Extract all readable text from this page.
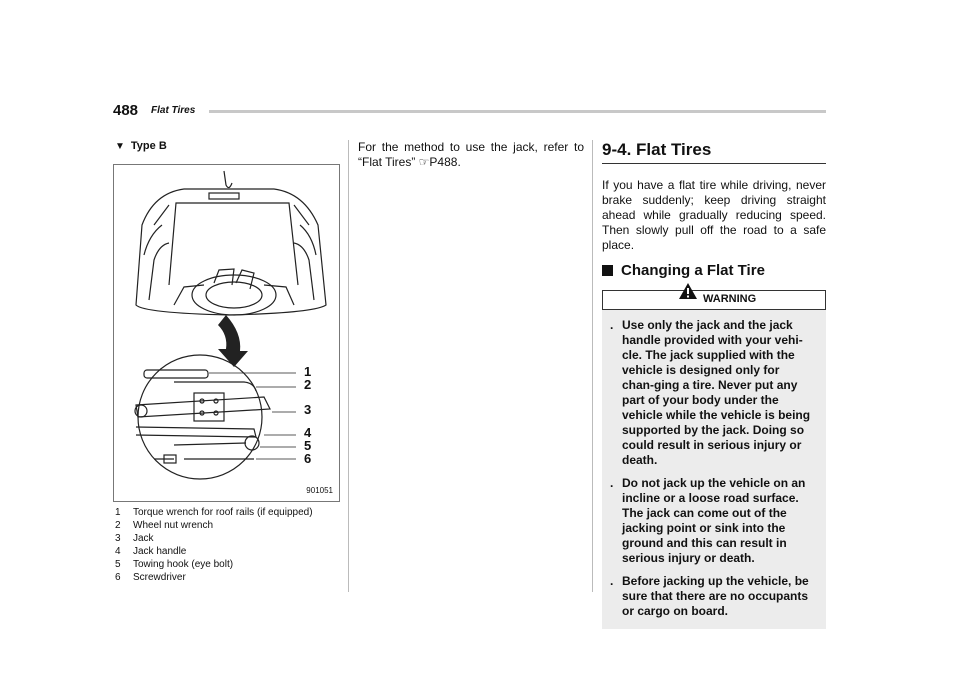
488 Flat Tires
▼ Type B
1
2
3
4
5
6
901051
1	Torque wrench for roof rails (if equipped)
2	Wheel nut wrench
3	Jack
4	Jack handle
5	Towing hook (eye bolt)
6	Screwdriver

For the method to use the jack, refer to “Flat Tires” ☞P488.

9-4. Flat Tires

If you have a flat tire while driving, never brake suddenly; keep driving straight ahead while gradually reducing speed. Then slowly pull off the road to a safe place.

Changing a Flat Tire
WARNING
. Use only the jack and the jack handle provided with your vehi-cle. The jack supplied with the vehicle is designed only for chan-ging a tire. Never put any part of your body under the vehicle while the vehicle is being supported by the jack. Doing so could result in serious injury or death.
. Do not jack up the vehicle on an incline or a loose road surface. The jack can come out of the jacking point or sink into the ground and this can result in serious injury or death.
. Before jacking up the vehicle, be sure that there are no occupants or cargo on board.
